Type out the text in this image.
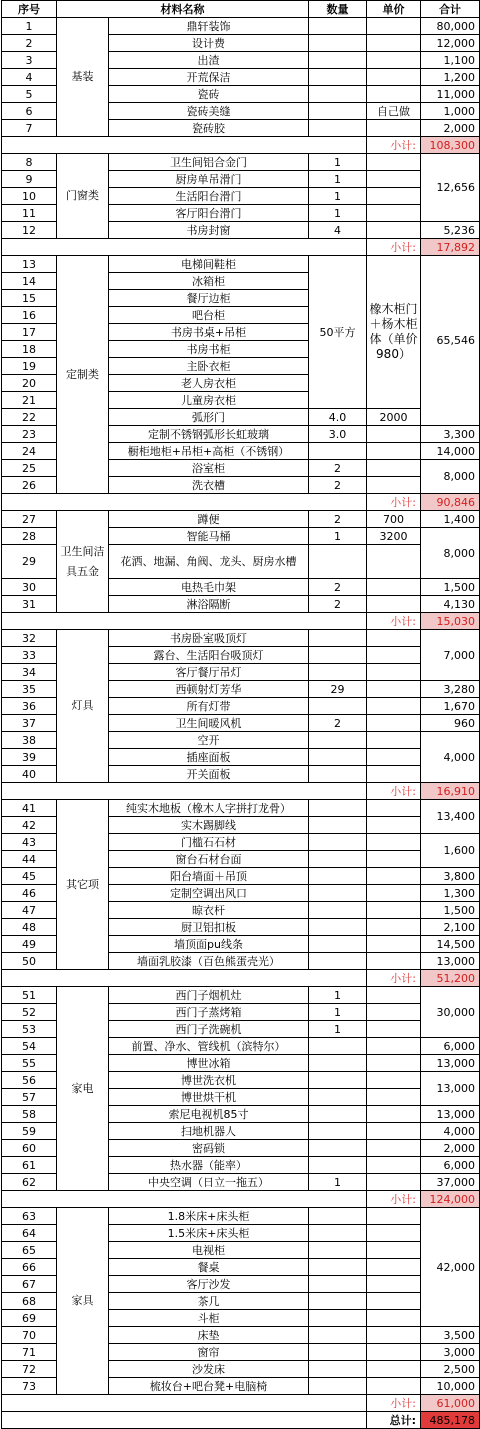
序号	材料名称		数量	单价	合计
1	基装	鼎轩装饰			80,000
2		设计费			12,000
3		出渣			1,100
4		开荒保洁			1,200
5		瓷砖			11,000
6		瓷砖美缝		自己做	1,000
7		瓷砖胶			2,000
				小计:	108,300
8	门窗类	卫生间铝合金门	1		12,656
9		厨房单吊滑门	1		
10		生活阳台滑门	1		
11		客厅阳台滑门	1		
12		书房封窗	4		5,236
				小计:	17,892
13	定制类	电梯间鞋柜	50平方	橡木柜门＋杨木柜体（单价980）	65,546
14		冰箱柜			
15		餐厅边柜			
16		吧台柜			
17		书房书桌+吊柜			
18		书房书柜			
19		主卧衣柜			
20		老人房衣柜			
21		儿童房衣柜			
22		弧形门	4.0	2000	
23		定制不锈钢弧形长虹玻璃	3.0		3,300
24		橱柜地柜+吊柜+高柜（不锈钢）			14,000
25		浴室柜	2		8,000
26		洗衣槽	2		
				小计:	90,846
27	卫生间洁具五金	蹲便	2	700	1,400
28		智能马桶	1	3200	8,000
29		花洒、地漏、角阀、龙头、厨房水槽			
30		电热毛巾架	2		1,500
31		淋浴隔断	2		4,130
				小计:	15,030
32	灯具	书房卧室吸顶灯			7,000
33		露台、生活阳台吸顶灯			
34		客厅餐厅吊灯			
35		西顿射灯芳华	29		3,280
36		所有灯带			1,670
37		卫生间暖风机	2		960
38		空开			4,000
39		插座面板			
40		开关面板			
				小计:	16,910
41	其它项	纯实木地板（橡木人字拼打龙骨）			13,400
42		实木踢脚线			
43		门槛石石材			1,600
44		窗台石材台面			
45		阳台墙面＋吊顶			3,800
46		定制空调出风口			1,300
47		晾衣杆			1,500
48		厨卫铝扣板			2,100
49		墙顶面pu线条			14,500
50		墙面乳胶漆（百色熊蛋壳光）			13,000
				小计:	51,200
51	家电	西门子烟机灶	1		30,000
52		西门子蒸烤箱	1		
53		西门子洗碗机	1		
54		前置、净水、管线机（滨特尔）			6,000
55		博世冰箱			13,000
56		博世洗衣机			13,000
57		博世烘干机			
58		索尼电视机85寸			13,000
59		扫地机器人			4,000
60		密码锁			2,000
61		热水器（能率）			6,000
62		中央空调（日立一拖五）	1		37,000
				小计:	124,000
63	家具	1.8米床+床头柜			42,000
64		1.5米床+床头柜			
65		电视柜			
66		餐桌			
67		客厅沙发			
68		茶几			
69		斗柜			
70		床垫			3,500
71		窗帘			3,000
72		沙发床			2,500
73		梳妆台+吧台凳+电脑椅			10,000
				小计:	61,000
				总计:	485,178
